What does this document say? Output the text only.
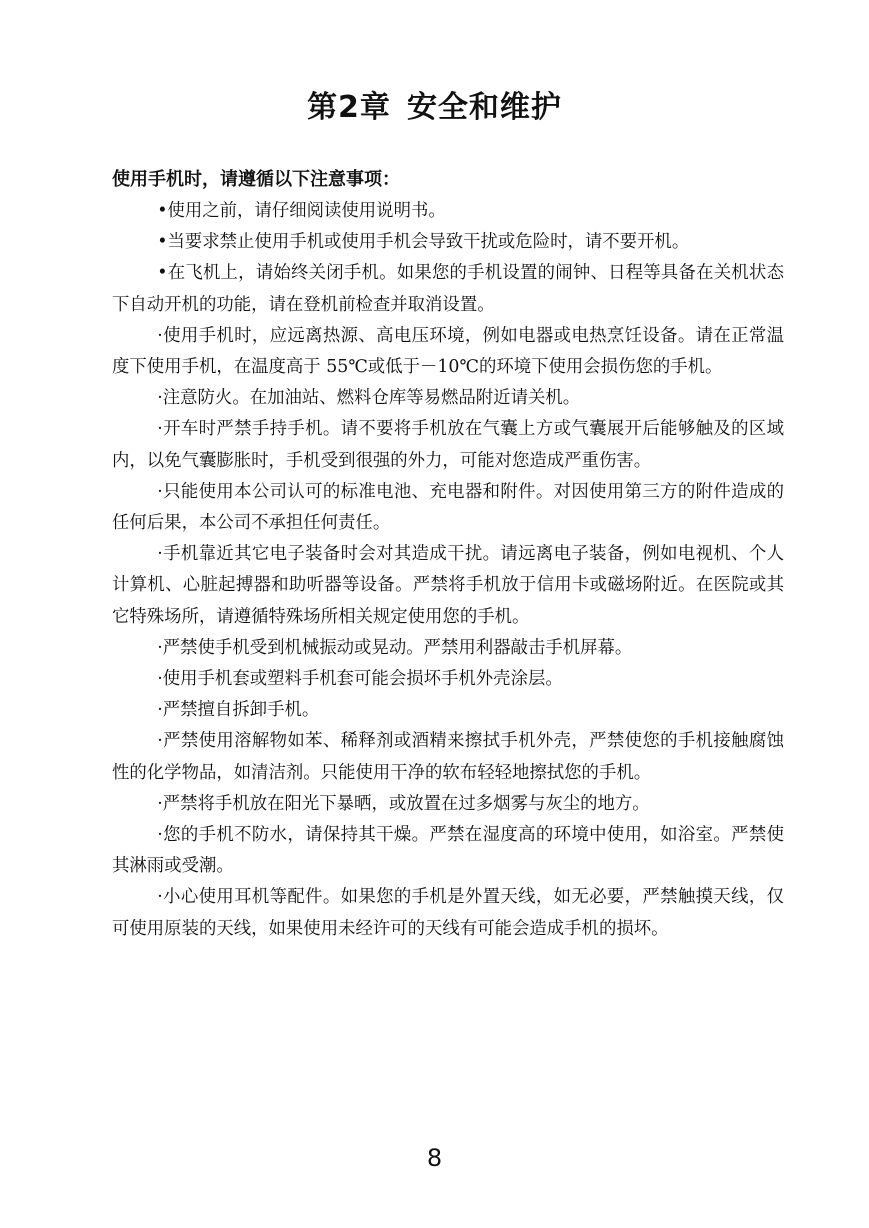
第2章 安全和维护

使用手机时，请遵循以下注意事项：

•使用之前，请仔细阅读使用说明书。

•当要求禁止使用手机或使用手机会导致干扰或危险时，请不要开机。

•在飞机上，请始终关闭手机。如果您的手机设置的闹钟、日程等具备在关机状态下自动开机的功能，请在登机前检查并取消设置。

·使用手机时，应远离热源、高电压环境，例如电器或电热烹饪设备。请在正常温度下使用手机，在温度高于 55℃或低于－10℃的环境下使用会损伤您的手机。

·注意防火。在加油站、燃料仓库等易燃品附近请关机。

·开车时严禁手持手机。请不要将手机放在气囊上方或气囊展开后能够触及的区域内，以免气囊膨胀时，手机受到很强的外力，可能对您造成严重伤害。

·只能使用本公司认可的标准电池、充电器和附件。对因使用第三方的附件造成的任何后果，本公司不承担任何责任。

·手机靠近其它电子装备时会对其造成干扰。请远离电子装备，例如电视机、个人计算机、心脏起搏器和助听器等设备。严禁将手机放于信用卡或磁场附近。在医院或其它特殊场所，请遵循特殊场所相关规定使用您的手机。

·严禁使手机受到机械振动或晃动。严禁用利器敲击手机屏幕。

·使用手机套或塑料手机套可能会损坏手机外壳涂层。

·严禁擅自拆卸手机。

·严禁使用溶解物如苯、稀释剂或酒精来擦拭手机外壳，严禁使您的手机接触腐蚀性的化学物品，如清洁剂。只能使用干净的软布轻轻地擦拭您的手机。

·严禁将手机放在阳光下暴晒，或放置在过多烟雾与灰尘的地方。

·您的手机不防水，请保持其干燥。严禁在湿度高的环境中使用，如浴室。严禁使其淋雨或受潮。

·小心使用耳机等配件。如果您的手机是外置天线，如无必要，严禁触摸天线，仅可使用原装的天线，如果使用未经许可的天线有可能会造成手机的损坏。

8
